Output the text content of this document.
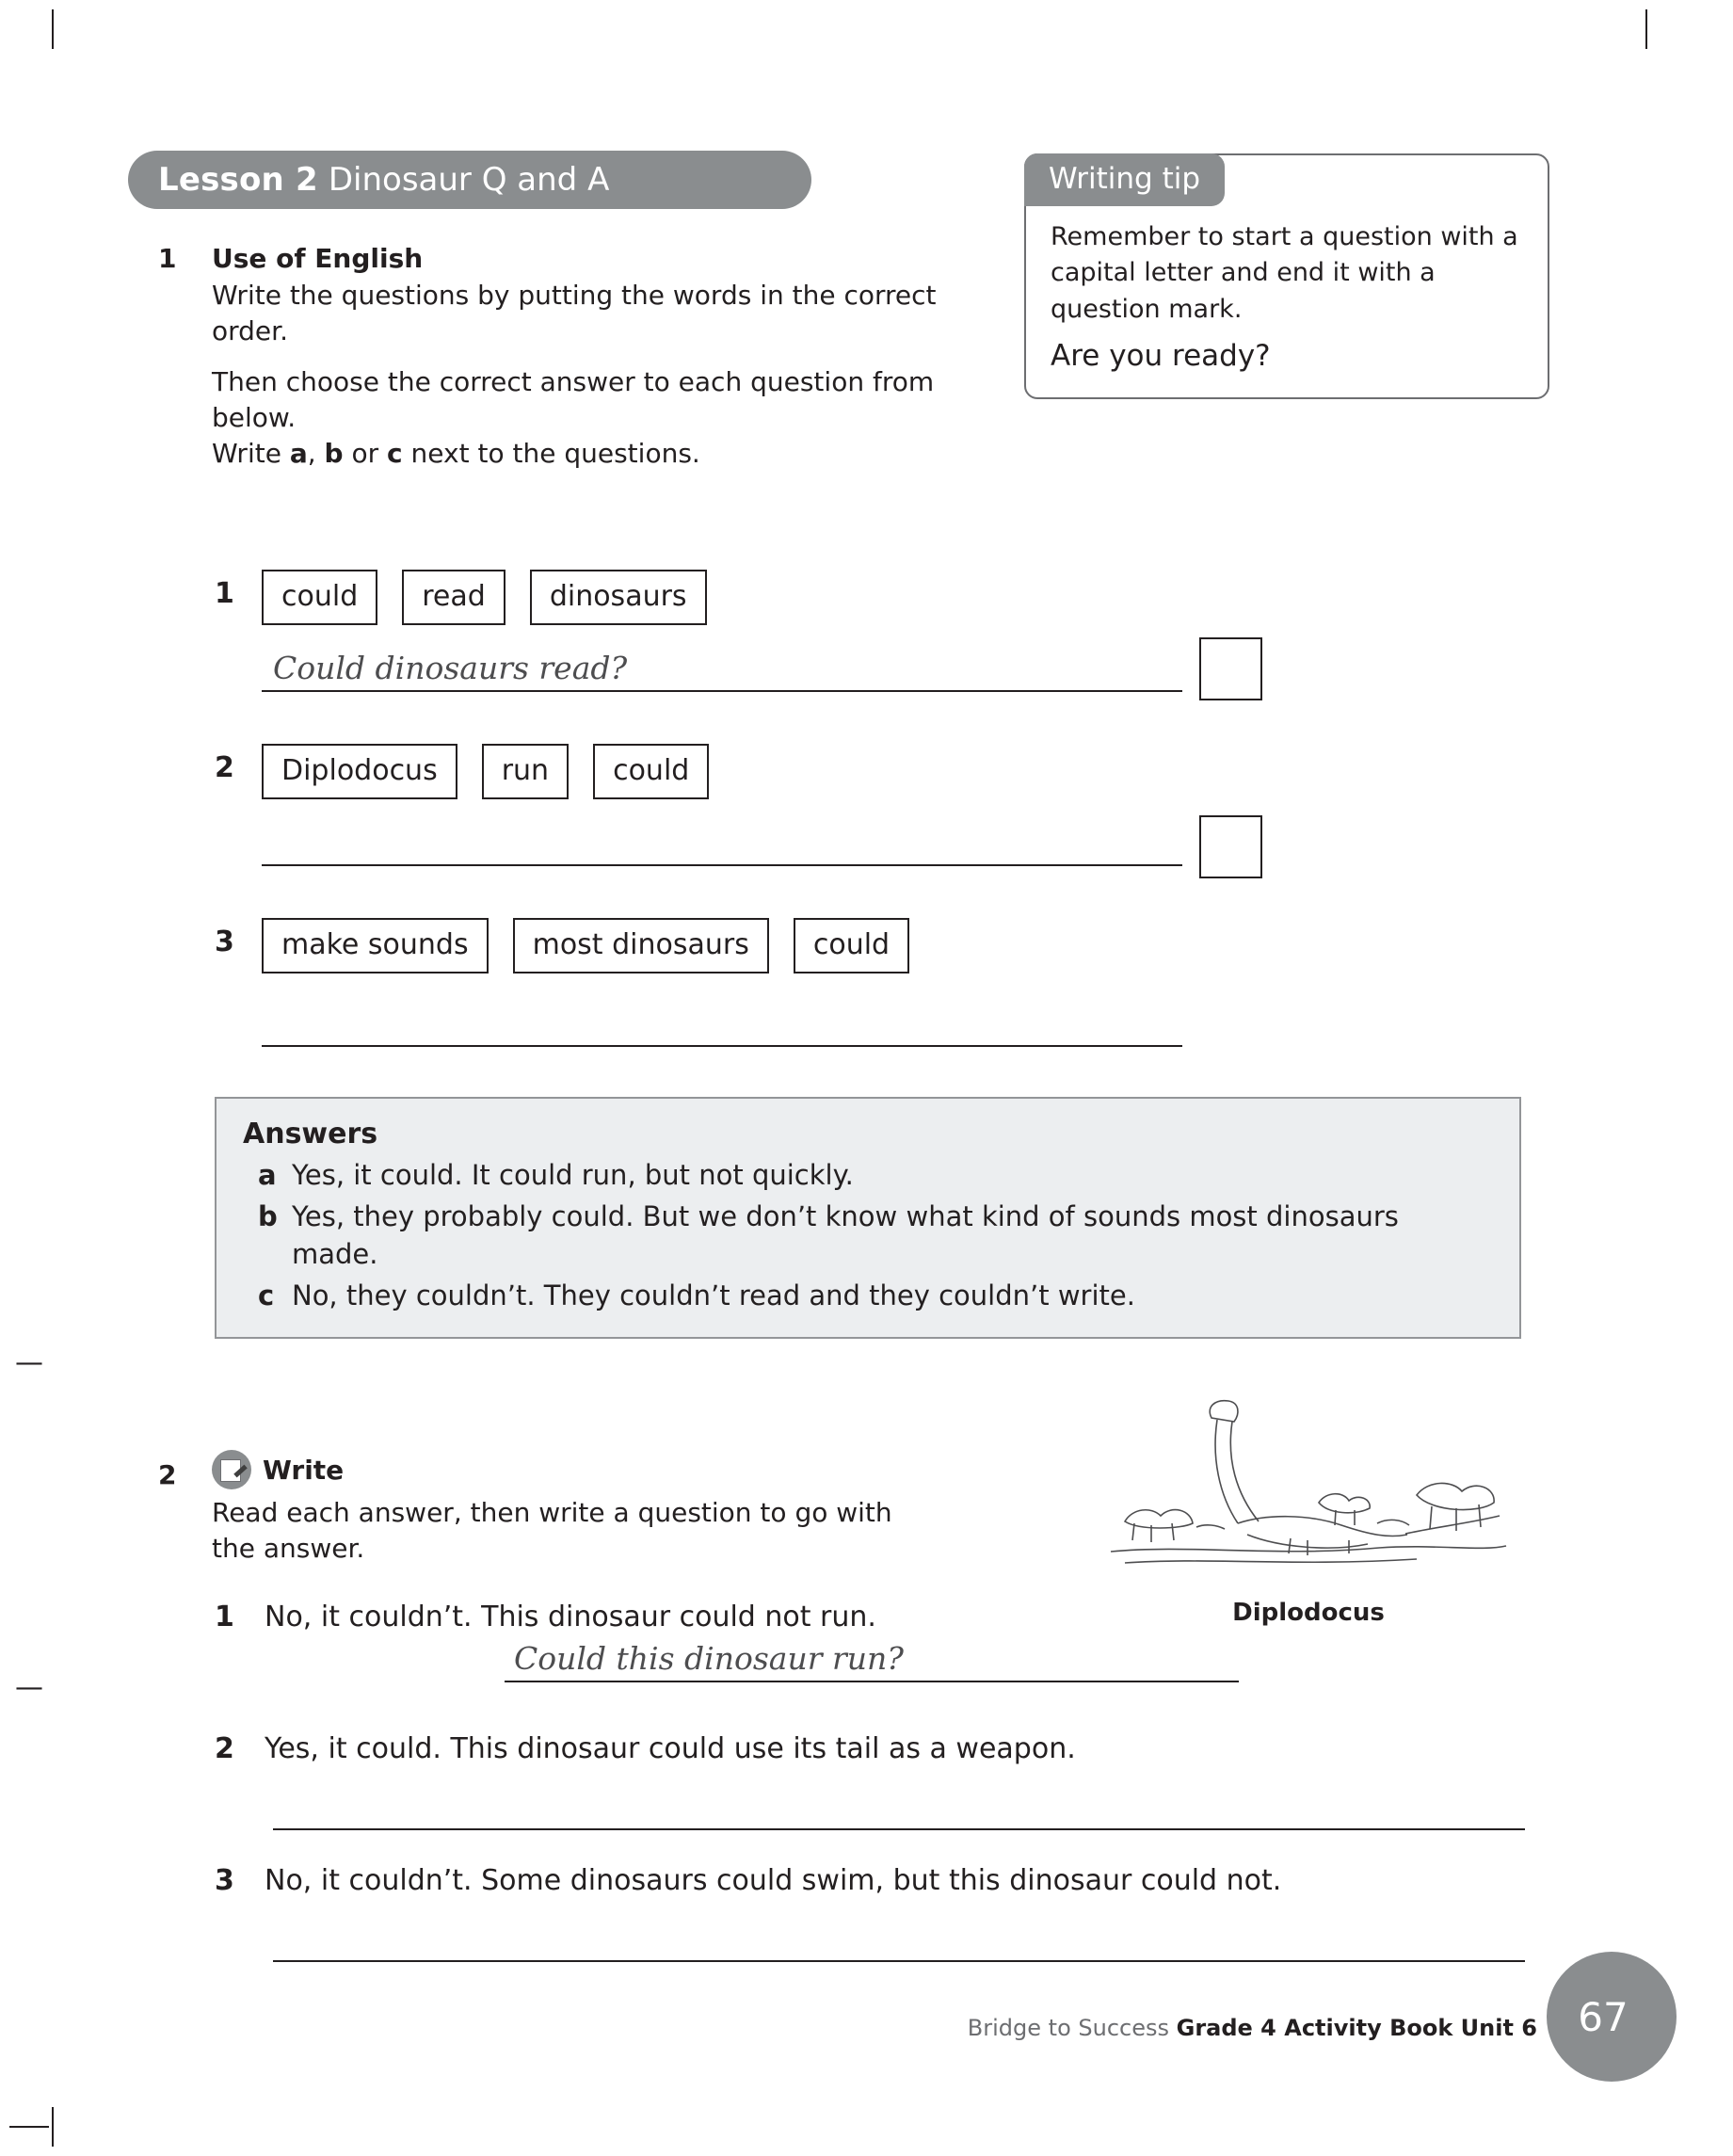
Lesson 2 Dinosaur Q and A	Writing tip
Remember to start a question with a capital letter and end it with a question mark.
Are you ready?
1 Use of English
Write the questions by putting the words in the correct order.
Then choose the correct answer to each question from below.
Write a, b or c next to the questions.
1	could	read	dinosaurs
Could dinosaurs read?
2	Diplodocus	run	could
3	make sounds	most dinosaurs	could
Answers
a Yes, it could. It could run, but not quickly.
b Yes, they probably could. But we don’t know what kind of sounds most dinosaurs made.
c No, they couldn’t. They couldn’t read and they couldn’t write.
2	Write
Read each answer, then write a question to go with the answer.
1 No, it couldn’t. This dinosaur could not run.
Could this dinosaur run?
2 Yes, it could. This dinosaur could use its tail as a weapon.
3 No, it couldn’t. Some dinosaurs could swim, but this dinosaur could not.
Diplodocus
Bridge to Success Grade 4 Activity Book Unit 6 67
—
—
